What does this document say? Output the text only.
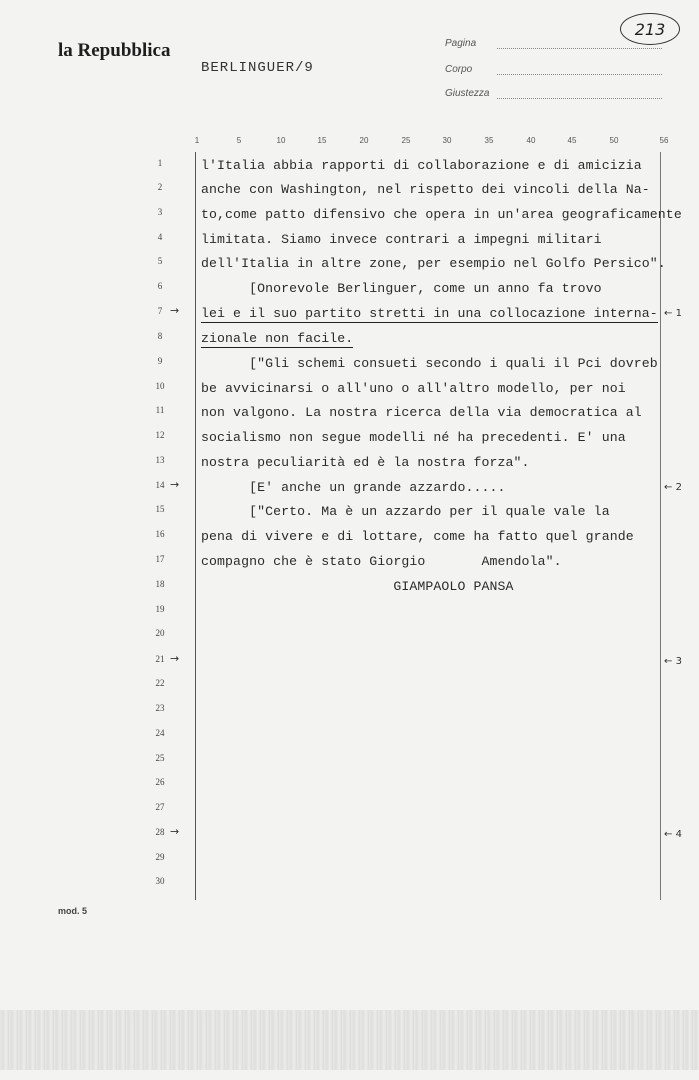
la Repubblica
BERLINGUER/9
Pagina
Corpo
Giustezza
213
1	5	10	15	20	25	30	35	40	45	50	56
1
2
3
4
5
6
7
8
9
10
11
12
13
14
15
16
17
18
19
20
21
22
23
24
25
26
27
28
29
30
→
→
→
→
← 1
← 2
← 3
← 4
l'Italia abbia rapporti di collaborazione e di amicizia
anche con Washington, nel rispetto dei vincoli della Na-
to,come patto difensivo che opera in un'area geograficamente
limitata. Siamo invece contrari a impegni militari
dell'Italia in altre zone, per esempio nel Golfo Persico".
[Onorevole Berlinguer, come un anno fa trovo
lei e il suo partito stretti in una collocazione interna-
zionale non facile.
["Gli schemi consueti secondo i quali il Pci dovreb
be avvicinarsi o all'uno o all'altro modello, per noi
non valgono. La nostra ricerca della via democratica al
socialismo non segue modelli né ha precedenti. E' una
nostra peculiarità ed è la nostra forza".
[E' anche un grande azzardo.....
["Certo. Ma è un azzardo per il quale vale la
pena di vivere e di lottare, come ha fatto quel grande
compagno che è stato Giorgio       Amendola".
GIAMPAOLO PANSA
mod. 5
